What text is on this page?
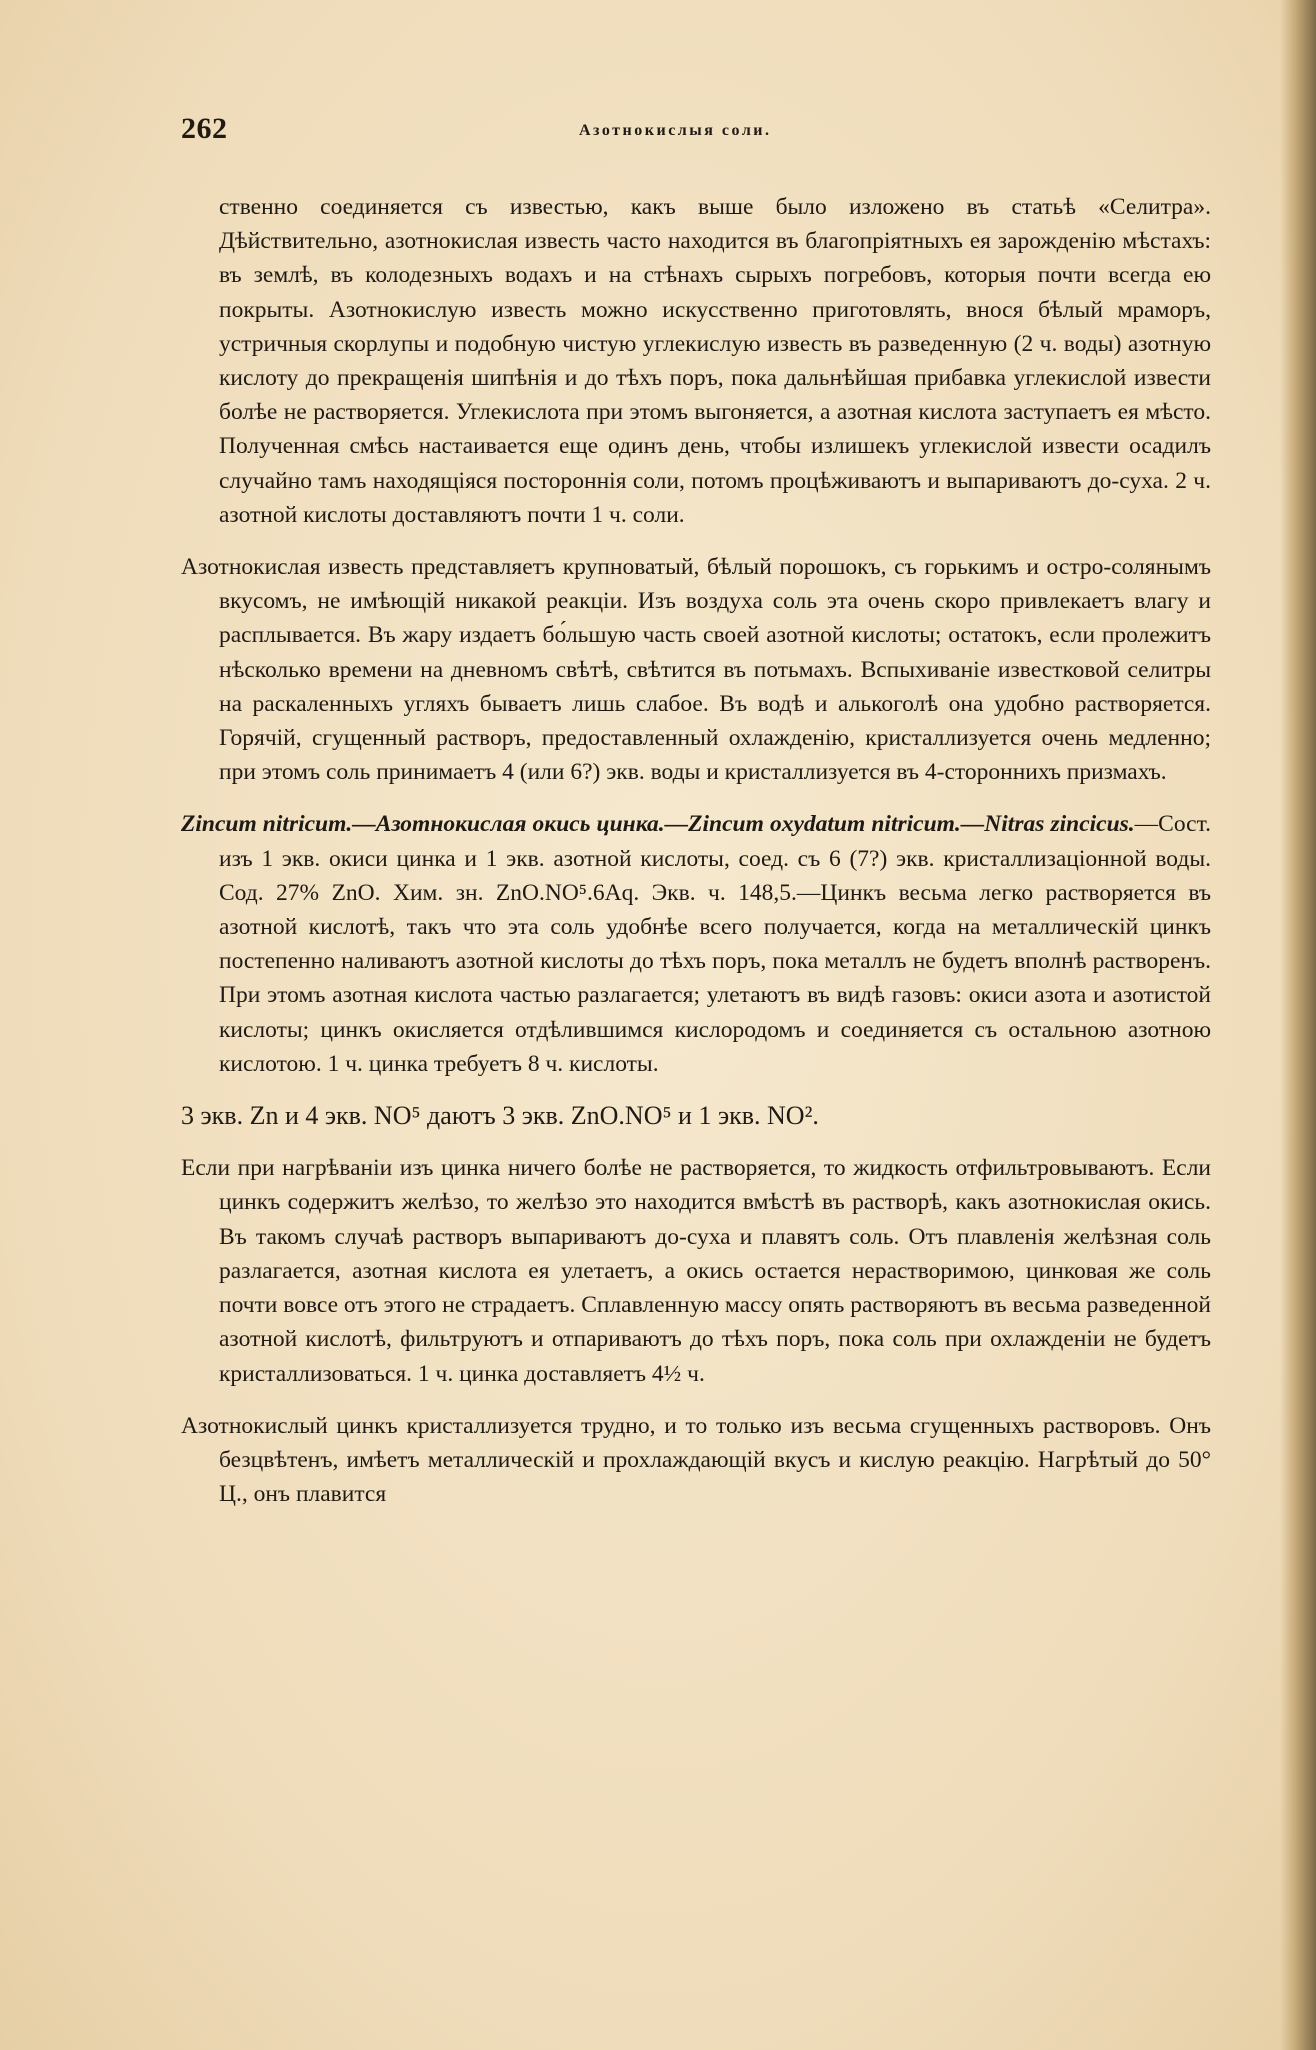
262	Азотнокислыя соли.

ственно соединяется съ известью, какъ выше было изложено въ статьѣ «Селитра». Дѣйствительно, азотнокислая известь часто находится въ благопріятныхъ ея зарожденію мѣстахъ: въ землѣ, въ колодезныхъ водахъ и на стѣнахъ сырыхъ погребовъ, которыя почти всегда ею покрыты. Азотнокислую известь можно искусственно приготовлять, внося бѣлый мраморъ, устричныя скорлупы и подобную чистую углекислую известь въ разведенную (2 ч. воды) азотную кислоту до прекращенія шипѣнія и до тѣхъ поръ, пока дальнѣйшая прибавка углекислой извести болѣе не растворяется. Углекислота при этомъ выгоняется, а азотная кислота заступаетъ ея мѣсто. Полученная смѣсь настаивается еще одинъ день, чтобы излишекъ углекислой извести осадилъ случайно тамъ находящіяся постороннія соли, потомъ процѣживаютъ и выпариваютъ до-суха. 2 ч. азотной кислоты доставляютъ почти 1 ч. соли.

Азотнокислая известь представляетъ крупноватый, бѣлый порошокъ, съ горькимъ и остро-солянымъ вкусомъ, не имѣющій никакой реакціи. Изъ воздуха соль эта очень скоро привлекаетъ влагу и расплывается. Въ жару издаетъ бо́льшую часть своей азотной кислоты; остатокъ, если пролежитъ нѣсколько времени на дневномъ свѣтѣ, свѣтится въ потьмахъ. Вспыхиваніе известковой селитры на раскаленныхъ угляхъ бываетъ лишь слабое. Въ водѣ и алькоголѣ она удобно растворяется. Горячій, сгущенный растворъ, предоставленный охлажденію, кристаллизуется очень медленно; при этомъ соль принимаетъ 4 (или 6?) экв. воды и кристаллизуется въ 4-стороннихъ призмахъ.

Zincum nitricum.—Азотнокислая окись цинка.—Zincum oxydatum nitricum.—Nitras zincicus.—Сост. изъ 1 экв. окиси цинка и 1 экв. азотной кислоты, соед. съ 6 (7?) экв. кристаллизаціонной воды. Сод. 27% ZnO. Хим. зн. ZnO.NO⁵.6Aq. Экв. ч. 148,5.—Цинкъ весьма легко растворяется въ азотной кислотѣ, такъ что эта соль удобнѣе всего получается, когда на металлическій цинкъ постепенно наливаютъ азотной кислоты до тѣхъ поръ, пока металлъ не будетъ вполнѣ растворенъ. При этомъ азотная кислота частью разлагается; улетаютъ въ видѣ газовъ: окиси азота и азотистой кислоты; цинкъ окисляется отдѣлившимся кислородомъ и соединяется съ остальною азотною кислотою. 1 ч. цинка требуетъ 8 ч. кислоты.

3 экв. Zn и 4 экв. NO⁵ даютъ 3 экв. ZnO.NO⁵ и 1 экв. NO².

Если при нагрѣваніи изъ цинка ничего болѣе не растворяется, то жидкость отфильтровываютъ. Если цинкъ содержитъ желѣзо, то желѣзо это находится вмѣстѣ въ растворѣ, какъ азотнокислая окись. Въ такомъ случаѣ растворъ выпариваютъ до-суха и плавятъ соль. Отъ плавленія желѣзная соль разлагается, азотная кислота ея улетаетъ, а окись остается нерастворимою, цинковая же соль почти вовсе отъ этого не страдаетъ. Сплавленную массу опять растворяютъ въ весьма разведенной азотной кислотѣ, фильтруютъ и отпариваютъ до тѣхъ поръ, пока соль при охлажденіи не будетъ кристаллизоваться. 1 ч. цинка доставляетъ 4½ ч.

Азотнокислый цинкъ кристаллизуется трудно, и то только изъ весьма сгущенныхъ растворовъ. Онъ безцвѣтенъ, имѣетъ металлическій и прохлаждающій вкусъ и кислую реакцію. Нагрѣтый до 50° Ц., онъ плавится
